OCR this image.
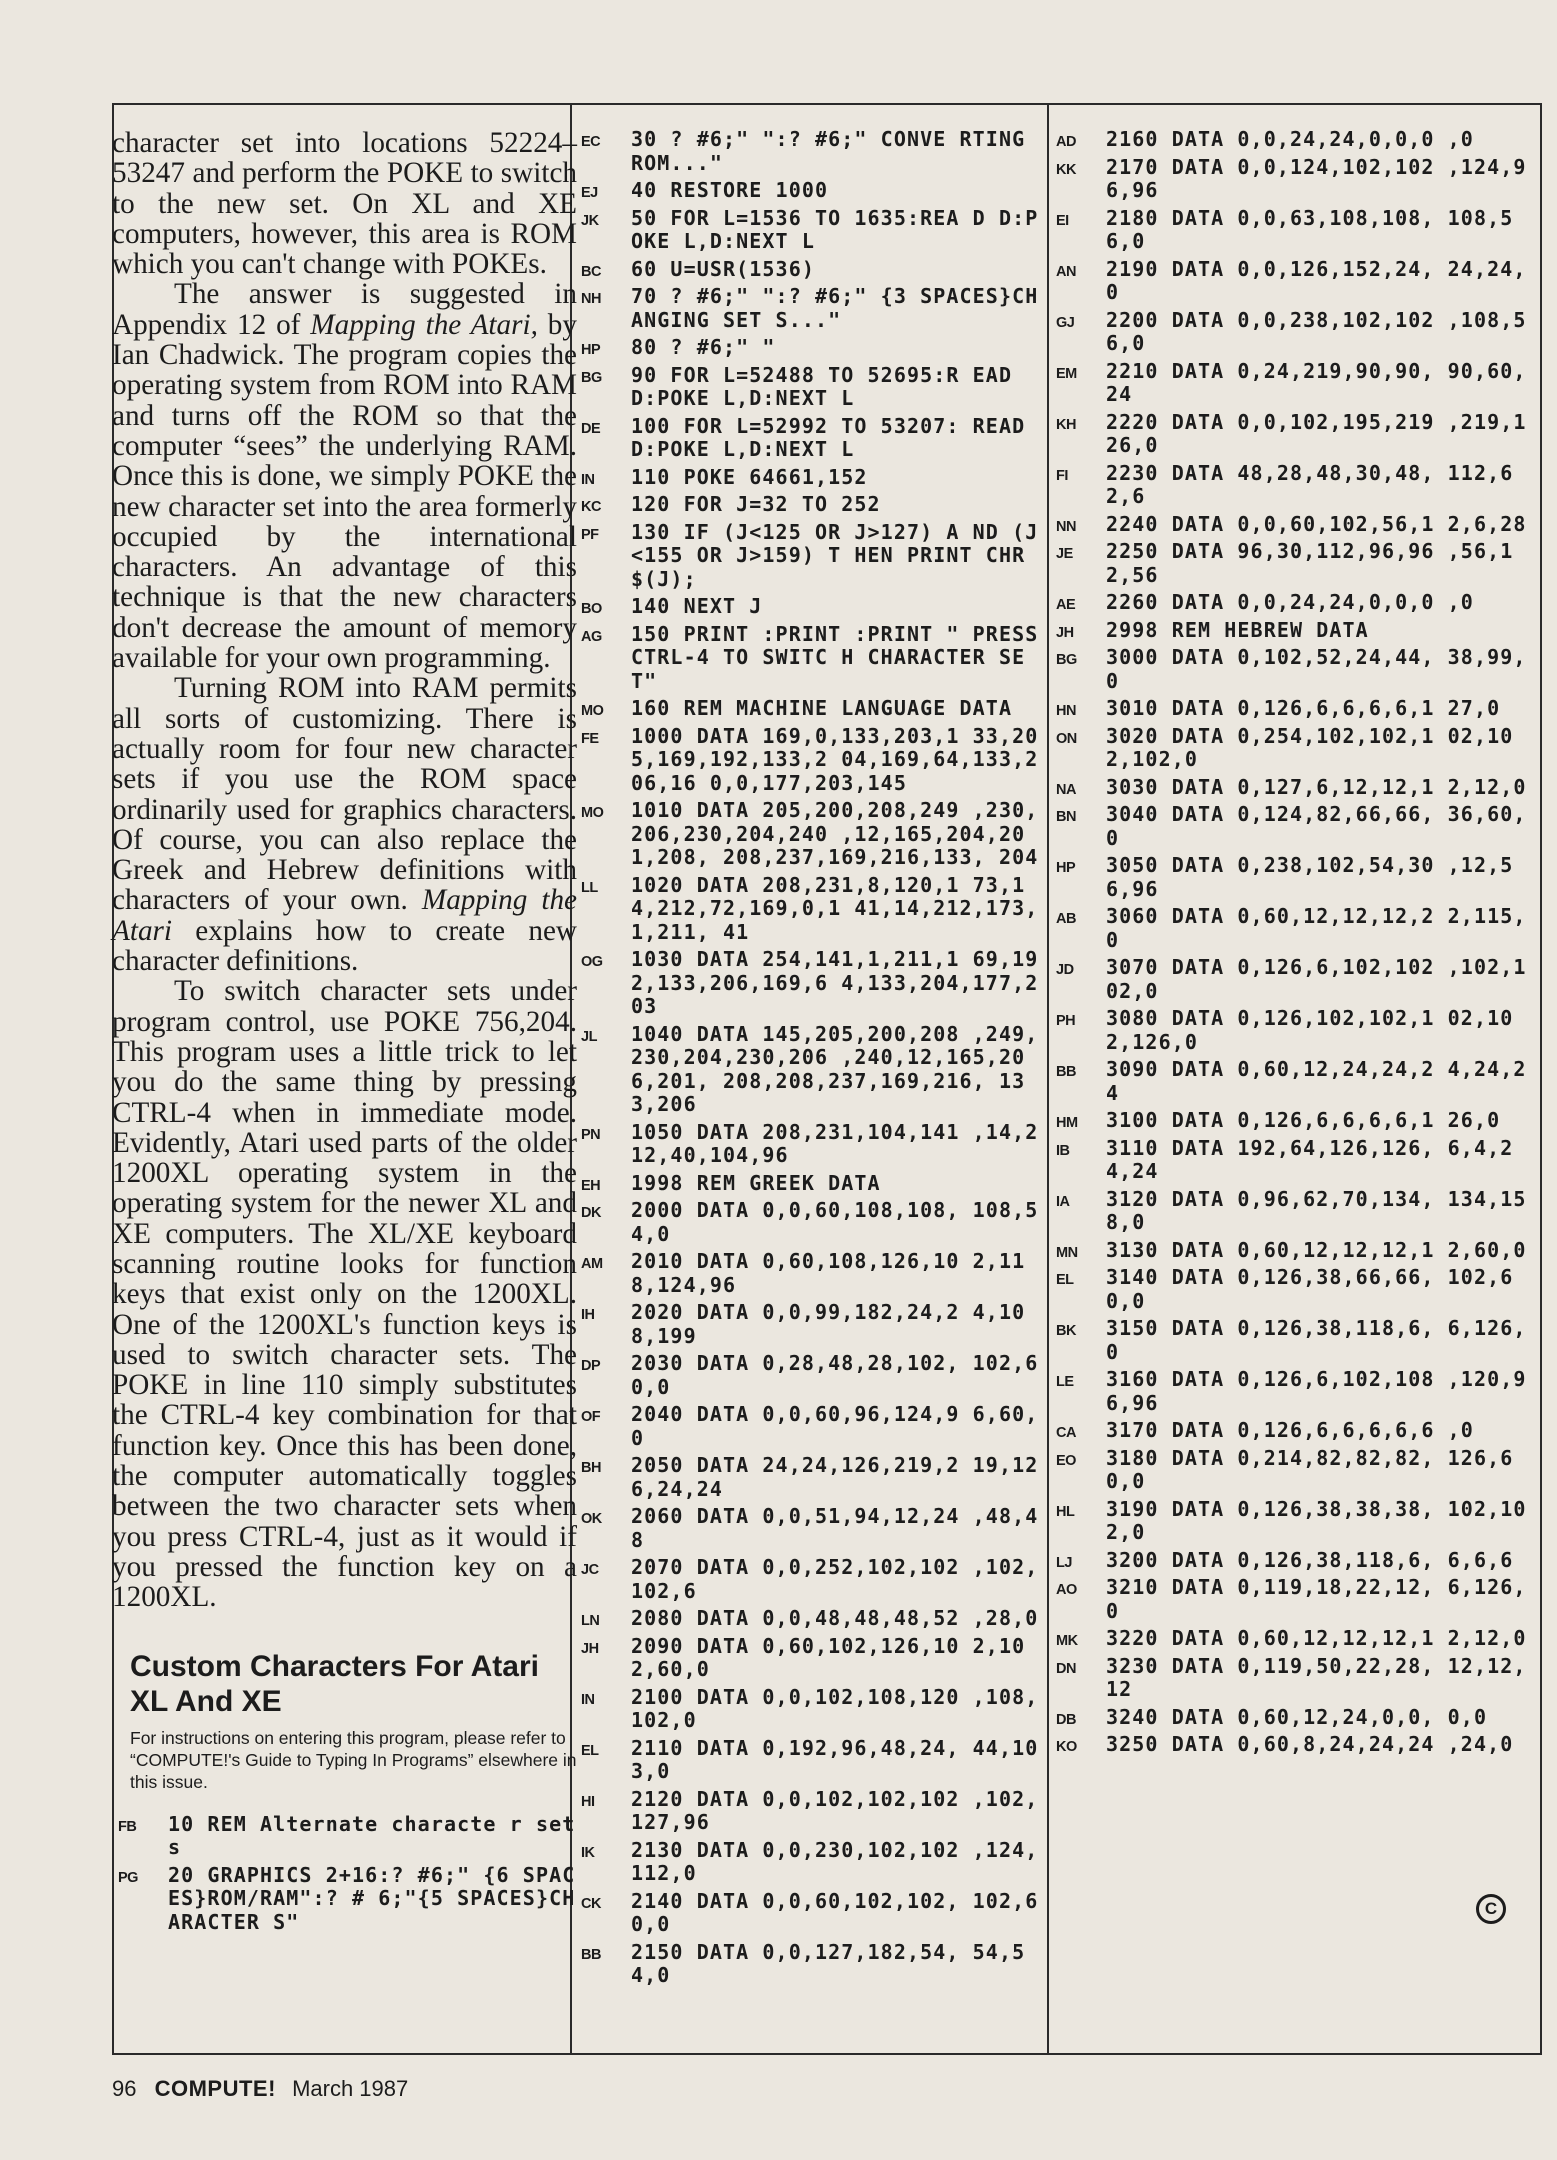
character set into locations 52224–53247 and perform the POKE to switch to the new set. On XL and XE computers, however, this area is ROM which you can't change with POKEs.

The answer is suggested in Appendix 12 of Mapping the Atari, by Ian Chadwick. The program copies the operating system from ROM into RAM and turns off the ROM so that the computer “sees” the underlying RAM. Once this is done, we simply POKE the new character set into the area formerly occupied by the international characters. An advantage of this technique is that the new characters don't decrease the amount of memory available for your own programming.

Turning ROM into RAM permits all sorts of customizing. There is actually room for four new character sets if you use the ROM space ordinarily used for graphics characters. Of course, you can also replace the Greek and Hebrew definitions with characters of your own. Mapping the Atari explains how to create new character definitions.

To switch character sets under program control, use POKE 756,204. This program uses a little trick to let you do the same thing by pressing CTRL-4 when in immediate mode. Evidently, Atari used parts of the older 1200XL operating system in the operating system for the newer XL and XE computers. The XL/XE keyboard scanning routine looks for function keys that exist only on the 1200XL. One of the 1200XL's function keys is used to switch character sets. The POKE in line 110 simply substitutes the CTRL-4 key combination for that function key. Once this has been done, the computer automatically toggles between the two character sets when you press CTRL-4, just as it would if you pressed the function key on a 1200XL.

Custom Characters For Atari XL And XE
For instructions on entering this program, please refer to “COMPUTE!'s Guide to Typing In Programs” elsewhere in this issue.
FB	10 REM Alternate characte r sets
PG	20 GRAPHICS 2+16:? #6;" {6 SPACES}ROM/RAM":? # 6;"{5 SPACES}CHARACTER S"
EC	30 ? #6;" ":? #6;" CONVE RTING ROM..."
EJ	40 RESTORE 1000
JK	50 FOR L=1536 TO 1635:REA D D:POKE L,D:NEXT L
BC	60 U=USR(1536)
NH	70 ? #6;" ":? #6;" {3 SPACES}CHANGING SET S..."
HP	80 ? #6;" "
BG	90 FOR L=52488 TO 52695:R EAD D:POKE L,D:NEXT L
DE	100 FOR L=52992 TO 53207: READ D:POKE L,D:NEXT L
IN	110 POKE 64661,152
KC	120 FOR J=32 TO 252
PF	130 IF (J<125 OR J>127) A ND (J<155 OR J>159) T HEN PRINT CHR$(J);
BO	140 NEXT J
AG	150 PRINT :PRINT :PRINT " PRESS CTRL-4 TO SWITC H CHARACTER SET"
MO	160 REM MACHINE LANGUAGE DATA
FE	1000 DATA 169,0,133,203,1 33,205,169,192,133,2 04,169,64,133,206,16 0,0,177,203,145
MO	1010 DATA 205,200,208,249 ,230,206,230,204,240 ,12,165,204,201,208, 208,237,169,216,133, 204
LL	1020 DATA 208,231,8,120,1 73,14,212,72,169,0,1 41,14,212,173,1,211, 41
OG	1030 DATA 254,141,1,211,1 69,192,133,206,169,6 4,133,204,177,203
JL	1040 DATA 145,205,200,208 ,249,230,204,230,206 ,240,12,165,206,201, 208,208,237,169,216, 133,206
PN	1050 DATA 208,231,104,141 ,14,212,40,104,96
EH	1998 REM GREEK DATA
DK	2000 DATA 0,0,60,108,108, 108,54,0
AM	2010 DATA 0,60,108,126,10 2,118,124,96
IH	2020 DATA 0,0,99,182,24,2 4,108,199
DP	2030 DATA 0,28,48,28,102, 102,60,0
OF	2040 DATA 0,0,60,96,124,9 6,60,0
BH	2050 DATA 24,24,126,219,2 19,126,24,24
OK	2060 DATA 0,0,51,94,12,24 ,48,48
JC	2070 DATA 0,0,252,102,102 ,102,102,6
LN	2080 DATA 0,0,48,48,48,52 ,28,0
JH	2090 DATA 0,60,102,126,10 2,102,60,0
IN	2100 DATA 0,0,102,108,120 ,108,102,0
EL	2110 DATA 0,192,96,48,24, 44,103,0
HI	2120 DATA 0,0,102,102,102 ,102,127,96
IK	2130 DATA 0,0,230,102,102 ,124,112,0
CK	2140 DATA 0,0,60,102,102, 102,60,0
BB	2150 DATA 0,0,127,182,54, 54,54,0
AD	2160 DATA 0,0,24,24,0,0,0 ,0
KK	2170 DATA 0,0,124,102,102 ,124,96,96
EI	2180 DATA 0,0,63,108,108, 108,56,0
AN	2190 DATA 0,0,126,152,24, 24,24,0
GJ	2200 DATA 0,0,238,102,102 ,108,56,0
EM	2210 DATA 0,24,219,90,90, 90,60,24
KH	2220 DATA 0,0,102,195,219 ,219,126,0
FI	2230 DATA 48,28,48,30,48, 112,62,6
NN	2240 DATA 0,0,60,102,56,1 2,6,28
JE	2250 DATA 96,30,112,96,96 ,56,12,56
AE	2260 DATA 0,0,24,24,0,0,0 ,0
JH	2998 REM HEBREW DATA
BG	3000 DATA 0,102,52,24,44, 38,99,0
HN	3010 DATA 0,126,6,6,6,6,1 27,0
ON	3020 DATA 0,254,102,102,1 02,102,102,0
NA	3030 DATA 0,127,6,12,12,1 2,12,0
BN	3040 DATA 0,124,82,66,66, 36,60,0
HP	3050 DATA 0,238,102,54,30 ,12,56,96
AB	3060 DATA 0,60,12,12,12,2 2,115,0
JD	3070 DATA 0,126,6,102,102 ,102,102,0
PH	3080 DATA 0,126,102,102,1 02,102,126,0
BB	3090 DATA 0,60,12,24,24,2 4,24,24
HM	3100 DATA 0,126,6,6,6,6,1 26,0
IB	3110 DATA 192,64,126,126, 6,4,24,24
IA	3120 DATA 0,96,62,70,134, 134,158,0
MN	3130 DATA 0,60,12,12,12,1 2,60,0
EL	3140 DATA 0,126,38,66,66, 102,60,0
BK	3150 DATA 0,126,38,118,6, 6,126,0
LE	3160 DATA 0,126,6,102,108 ,120,96,96
CA	3170 DATA 0,126,6,6,6,6,6 ,0
EO	3180 DATA 0,214,82,82,82, 126,60,0
HL	3190 DATA 0,126,38,38,38, 102,102,0
LJ	3200 DATA 0,126,38,118,6, 6,6,6
AO	3210 DATA 0,119,18,22,12, 6,126,0
MK	3220 DATA 0,60,12,12,12,1 2,12,0
DN	3230 DATA 0,119,50,22,28, 12,12,12
DB	3240 DATA 0,60,12,24,0,0, 0,0
KO	3250 DATA 0,60,8,24,24,24 ,24,0
C
96 COMPUTE! March 1987
